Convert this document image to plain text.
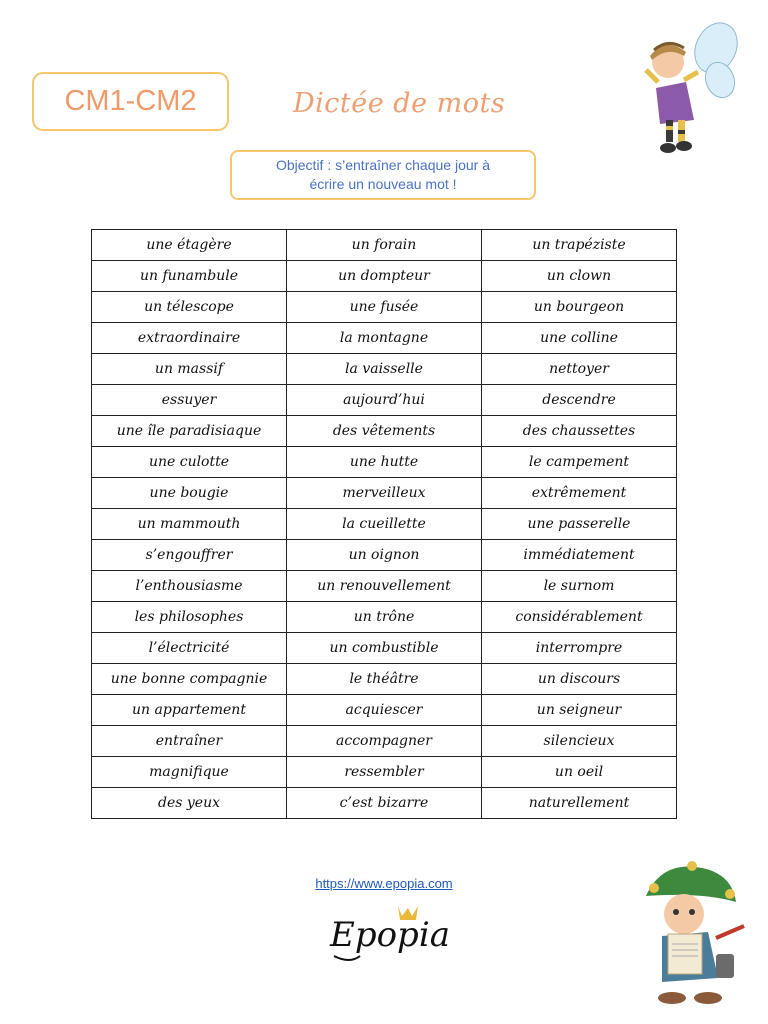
CM1-CM2	Dictée de mots
Objectif : s’entraîner chaque jour à
écrire un nouveau mot !
une étagère	un forain	un trapéziste
un funambule	un dompteur	un clown
un télescope	une fusée	un bourgeon
extraordinaire	la montagne	une colline
un massif	la vaisselle	nettoyer
essuyer	aujourd’hui	descendre
une île paradisiaque	des vêtements	des chaussettes
une culotte	une hutte	le campement
une bougie	merveilleux	extrêmement
un mammouth	la cueillette	une passerelle
s’engouffrer	un oignon	immédiatement
l’enthousiasme	un renouvellement	le surnom
les philosophes	un trône	considérablement
l’électricité	un combustible	interrompre
une bonne compagnie	le théâtre	un discours
un appartement	acquiescer	un seigneur
entraîner	accompagner	silencieux
magnifique	ressembler	un oeil
des yeux	c’est bizarre	naturellement
https://www.epopia.com
Epopia
